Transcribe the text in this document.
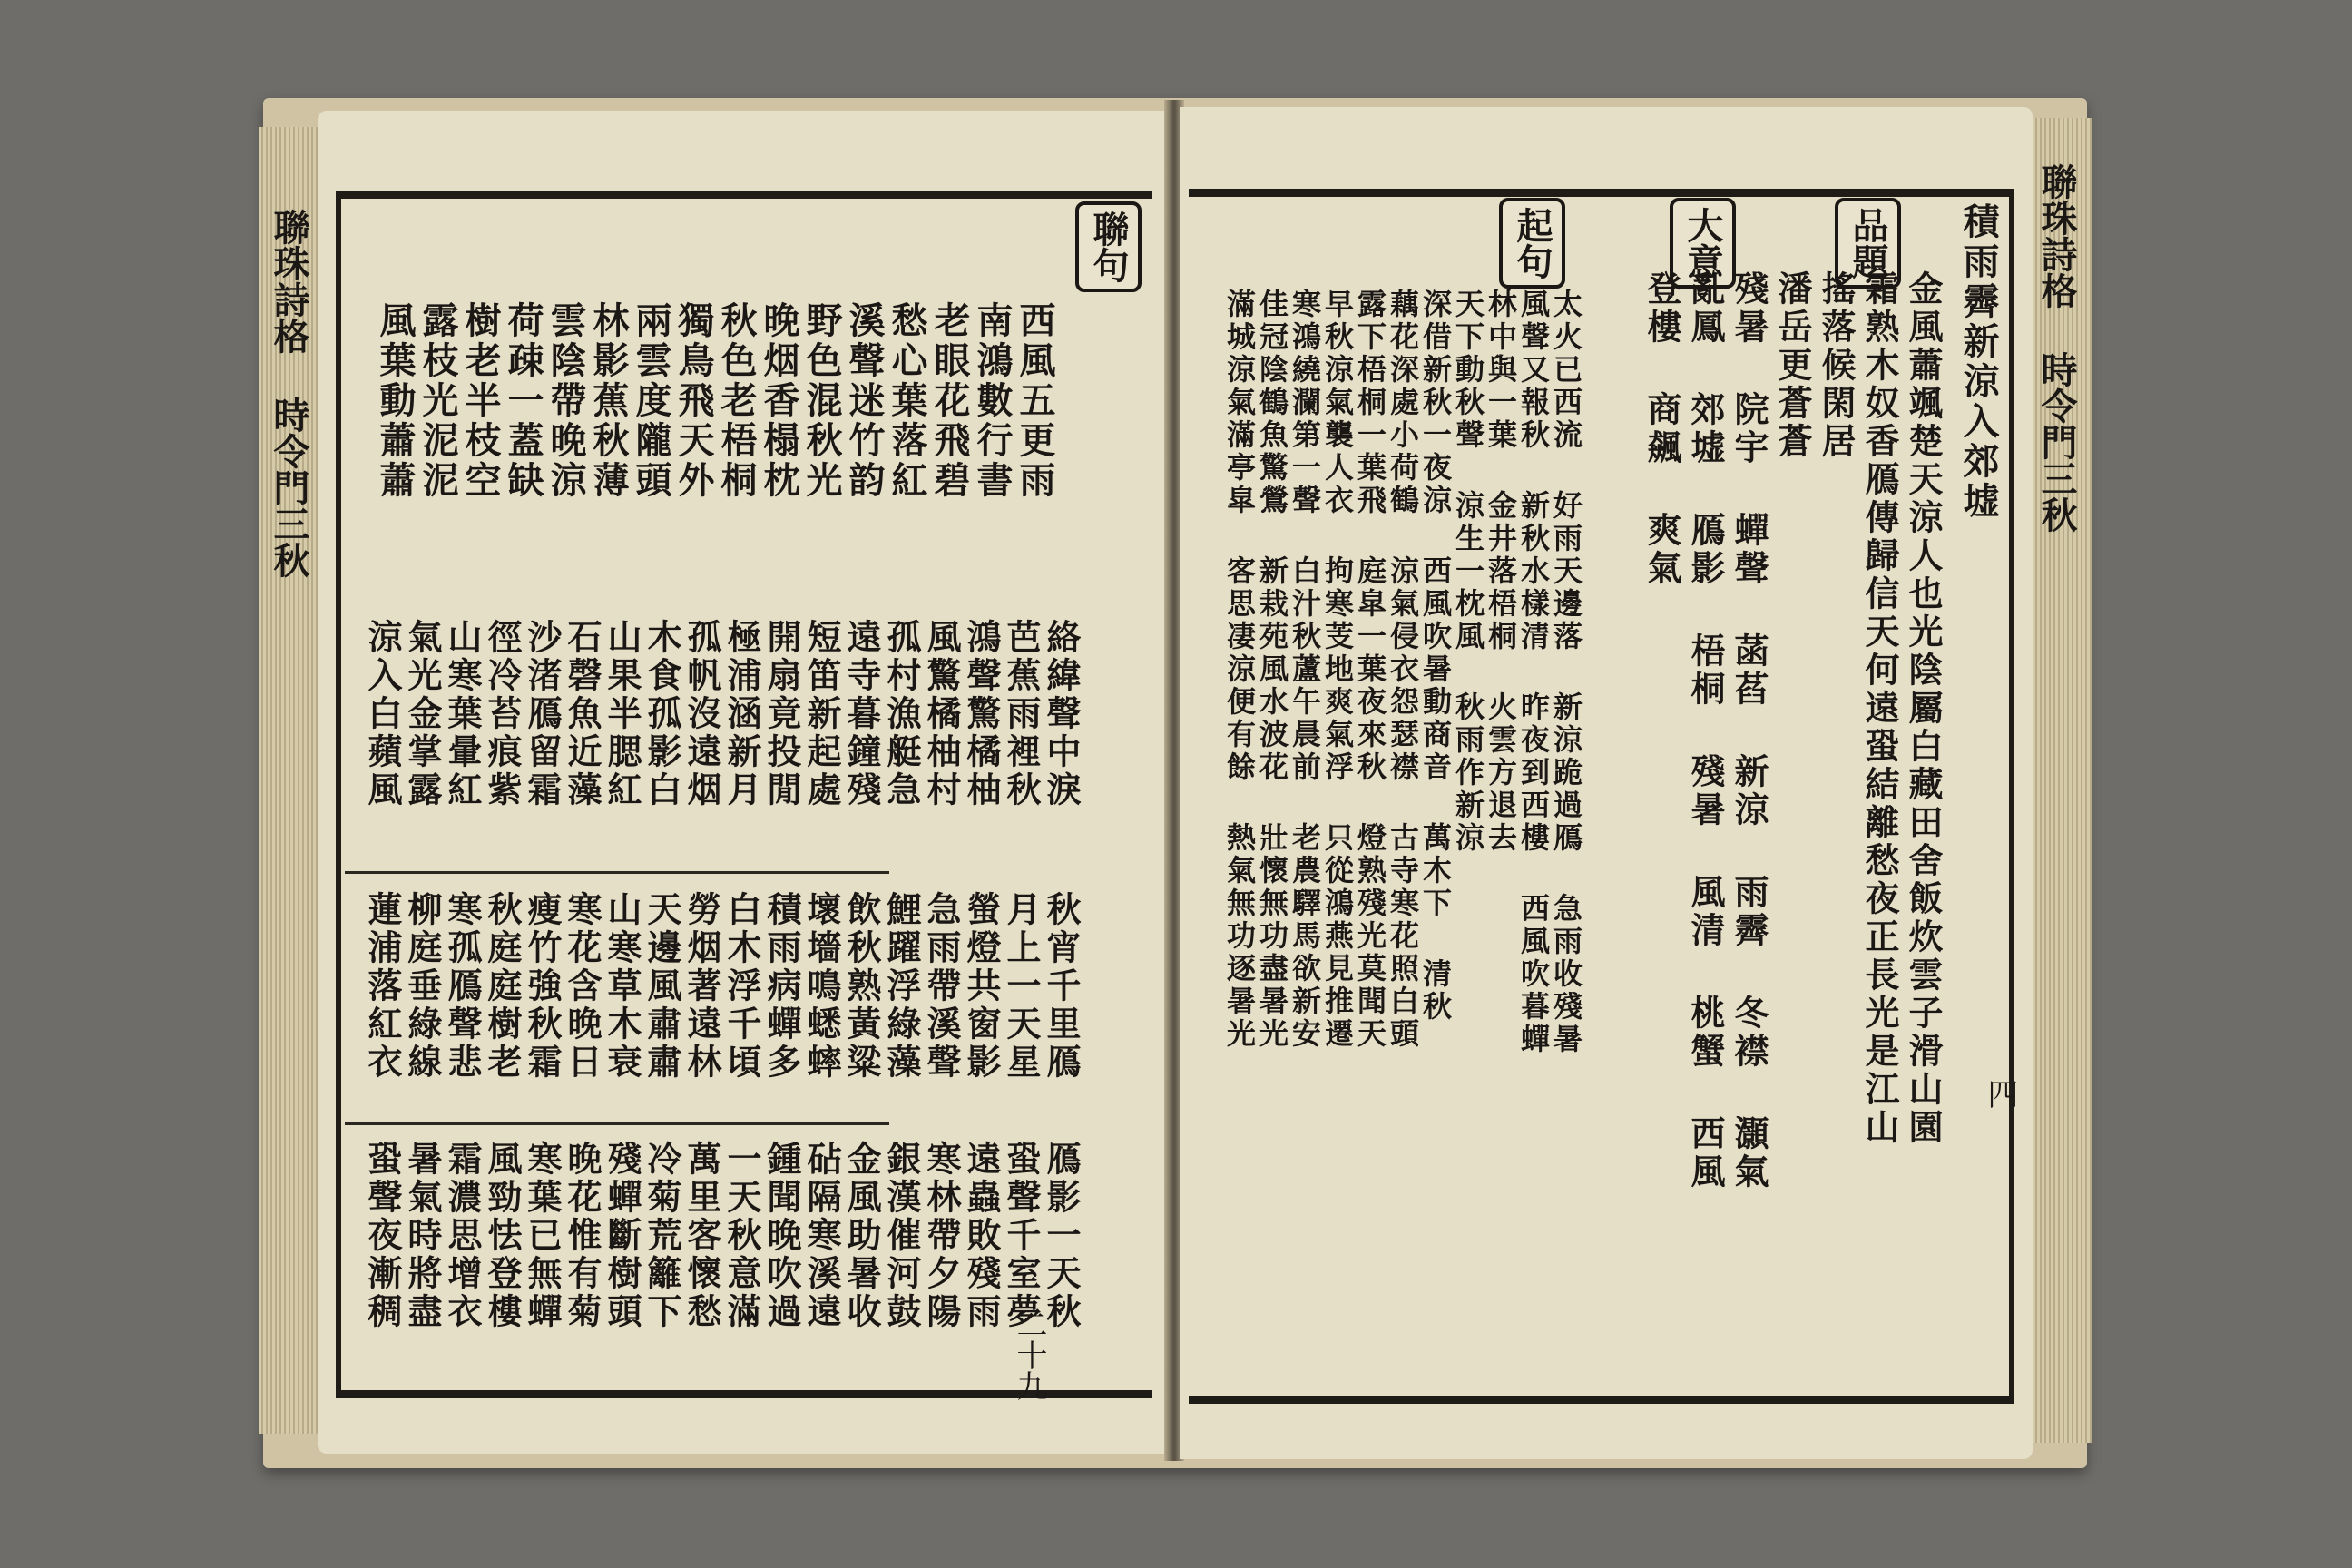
聯珠詩格 時令門三秋	聯珠詩格 時令門三秋
聯句
二十九
西風五更雨
南鴻數行書
老眼花飛碧
愁心葉落紅
溪聲迷竹韵
野色混秋光
晚烟香榻枕
秋色老梧桐
獨鳥飛天外
兩雲度隴頭
林影蕉秋薄
雲陰帶晚涼
荷疎一蓋缺
樹老半枝空
露枝光泥泥
風葉動蕭蕭
絡緯聲中淚
芭蕉雨裡秋
鴻聲驚橘柚
風驚橘柚村
孤村漁艇急
遠寺暮鐘殘
短笛新起處
開扇竟投閒
極浦涵新月
孤帆沒遠烟
木食孤影白
山果半腮紅
石磬魚近藻
沙渚鴈留霜
徑冷苔痕紫
山寒葉暈紅
氣光金掌露
涼入白蘋風
秋宵千里鴈
月上一天星
螢燈共窗影
急雨帶溪聲
鯉躍浮綠藻
飲秋熟黃粱
壞墻鳴蟋蟀
積雨病蟬多
白木浮千頃
勞烟著遠林
天邊風肅肅
山寒草木衰
寒花含晚日
瘦竹強秋霜
秋庭庭樹老
寒孤鴈聲悲
柳庭垂綠線
蓮浦落紅衣
鴈影一天秋
蛩聲千室夢
遠蟲敗殘雨
寒林帶夕陽
銀漢催河鼓
金風助暑收
砧隔寒溪遠
鍾聞晚吹過
一天秋意滿
萬里客懷愁
冷菊荒籬下
殘蟬斷樹頭
晚花惟有菊
寒葉已無蟬
風勁怯登樓
霜濃思增衣
暑氣時將盡
蛩聲夜漸稠
品題
大意
起句
四
積雨霽新涼入郊墟
金風蕭颯楚天涼人也光陰屬白藏田舍飯炊雲子滑山園
霜熟木奴香鴈傳歸信天何遠蛩結離愁夜正長光是江山
搖落候閑居
潘岳更蒼蒼
殘暑 院宇 蟬聲 菡萏 新涼 雨霽 冬襟 灝氣
亂鳳 郊墟 鴈影 梧桐 殘暑 風清 桃蟹 西風
登樓 商飆 爽氣
太火已西流 好雨天邊落 新涼跪過鴈 急雨收殘暑
風聲又報秋 新秋水樣清 昨夜到西樓 西風吹暮蟬
林中與一葉 金井落梧桐 火雲方退去
天下動秋聲 涼生一枕風 秋雨作新涼
深借新秋一夜涼 西風吹暑動商音 萬木下 清秋
藕花深處小荷鶴 涼氣侵衣怨瑟襟 古寺寒花照白頭
露下梧桐一葉飛 庭皐一葉夜來秋 燈熟殘光莫聞天
早秋涼氣襲人衣 拘寒芰地爽氣浮 只從鴻燕見推遷
寒鴻繞瀾第一聲 白汁秋蘆午晨前 老農驛馬欲新安
佳冠陰鶴魚驚鶯 新栽苑風水波花 壯懷無功盡暑光
滿城涼氣滿亭皐 客思凄涼便有餘 熱氣無功逐暑光
